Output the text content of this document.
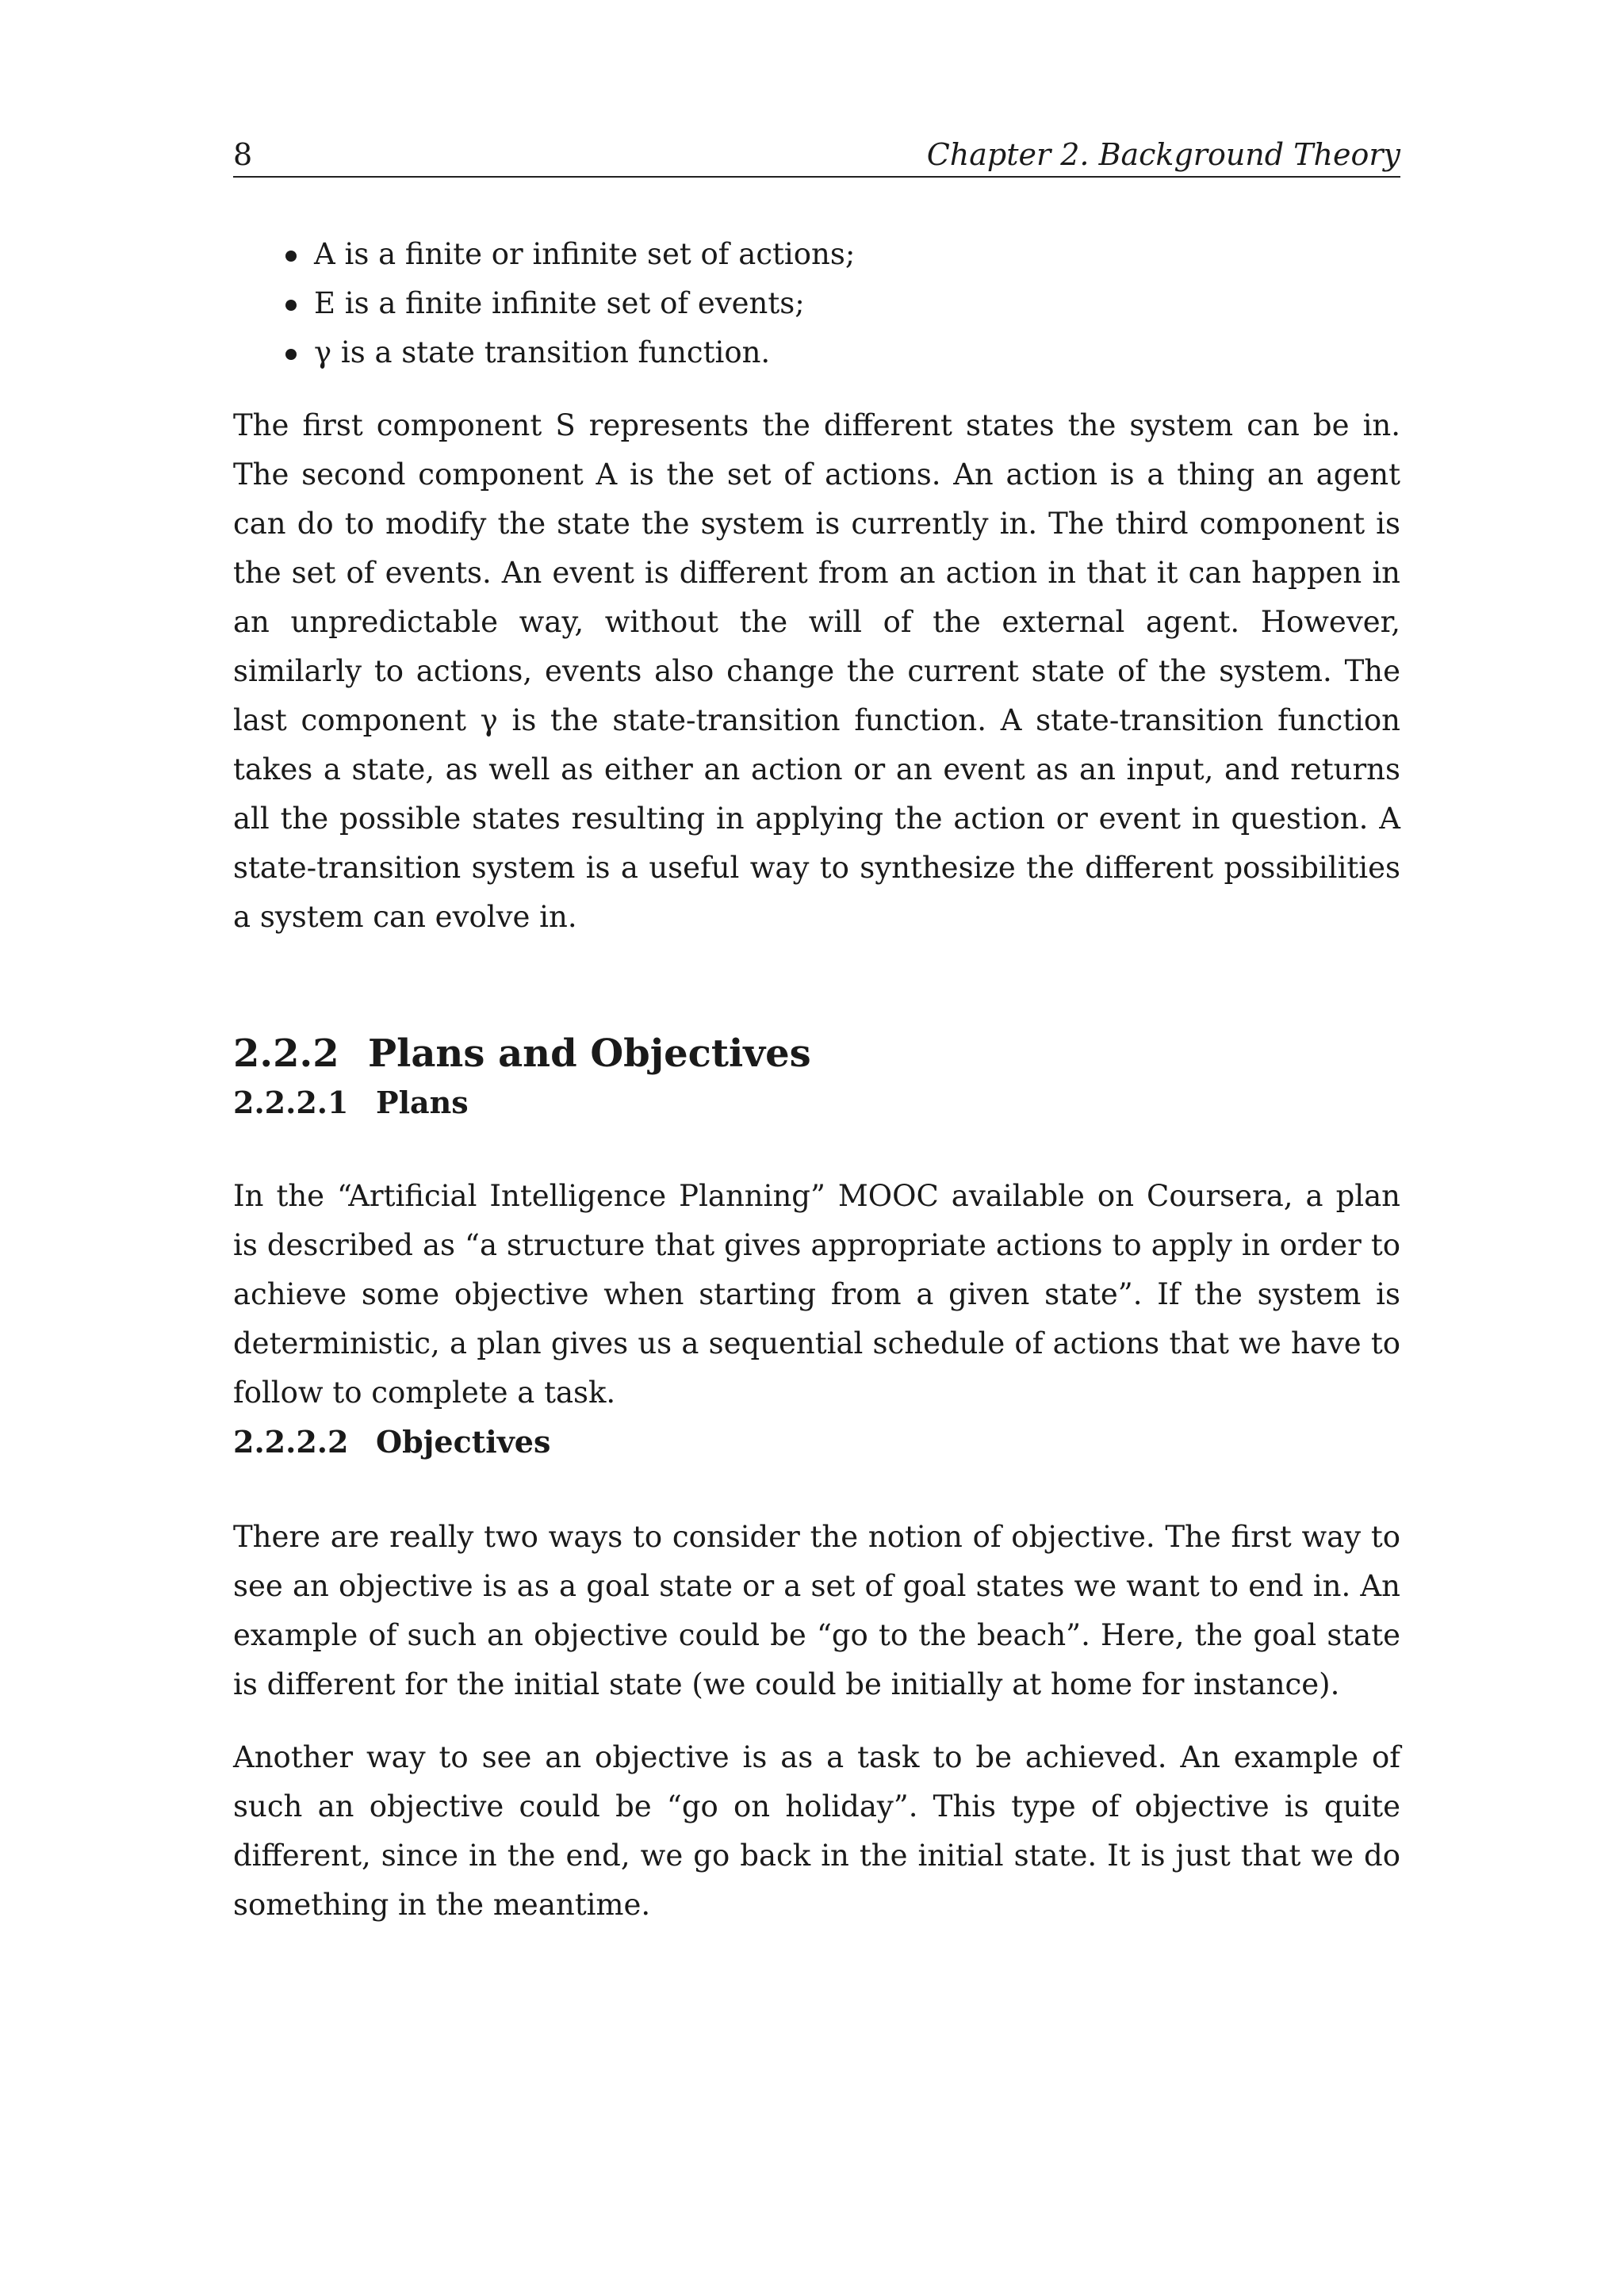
8	Chapter 2. Background Theory
A is a finite or infinite set of actions;
E is a finite infinite set of events;
γ is a state transition function.

The first component S represents the different states the system can be in. The second component A is the set of actions. An action is a thing an agent can do to modify the state the system is currently in. The third component is the set of events. An event is different from an action in that it can happen in an unpredictable way, without the will of the external agent. However, similarly to actions, events also change the current state of the system. The last component γ is the state-transition function. A state-transition function takes a state, as well as either an action or an event as an input, and returns all the possible states resulting in applying the action or event in question. A state-transition system is a useful way to synthesize the different possibilities a system can evolve in.

2.2.2 Plans and Objectives
2.2.2.1 Plans

In the “Artificial Intelligence Planning” MOOC available on Coursera, a plan is described as “a structure that gives appropriate actions to apply in order to achieve some objective when starting from a given state”. If the system is deterministic, a plan gives us a sequential schedule of actions that we have to follow to complete a task.

2.2.2.2 Objectives

There are really two ways to consider the notion of objective. The first way to see an objective is as a goal state or a set of goal states we want to end in. An example of such an objective could be “go to the beach”. Here, the goal state is different for the initial state (we could be initially at home for instance).

Another way to see an objective is as a task to be achieved. An example of such an objective could be “go on holiday”. This type of objective is quite different, since in the end, we go back in the initial state. It is just that we do something in the meantime.
